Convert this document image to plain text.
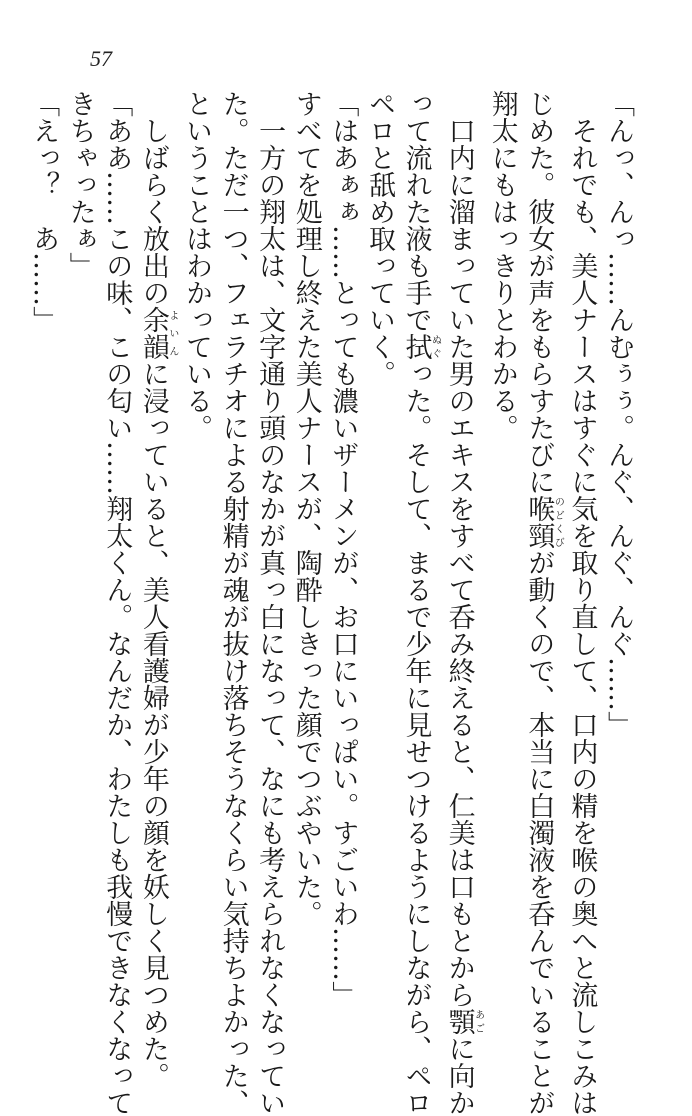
57
「んっ、んっ……んむぅぅ。んぐ、んぐ、んぐ……」
それでも、美人ナースはすぐに気を取り直して、口内の精を喉の奥へと流しこみは
じめた。彼女が声をもらすたびに喉頸のどくびが動くので、本当に白濁液を呑んでいることが
翔太にもはっきりとわかる。
口内に溜まっていた男のエキスをすべて呑み終えると、仁美は口もとから顎あごに向か
って流れた液も手で拭ぬぐった。そして、まるで少年に見せつけるようにしながら、ペロ
ペロと舐め取っていく。
「はあぁぁ……とっても濃いザーメンが、お口にいっぱい。すごいわ……」
すべてを処理し終えた美人ナースが、陶酔しきった顔でつぶやいた。
一方の翔太は、文字通り頭のなかが真っ白になって、なにも考えられなくなってい
た。ただ一つ、フェラチオによる射精が魂が抜け落ちそうなくらい気持ちよかった、
ということはわかっている。
しばらく放出の余韻よいんに浸っていると、美人看護婦が少年の顔を妖しく見つめた。
「ああ……この味、この匂い……翔太くん。なんだか、わたしも我慢できなくなって
きちゃったぁ」
「えっ？　あ……」
